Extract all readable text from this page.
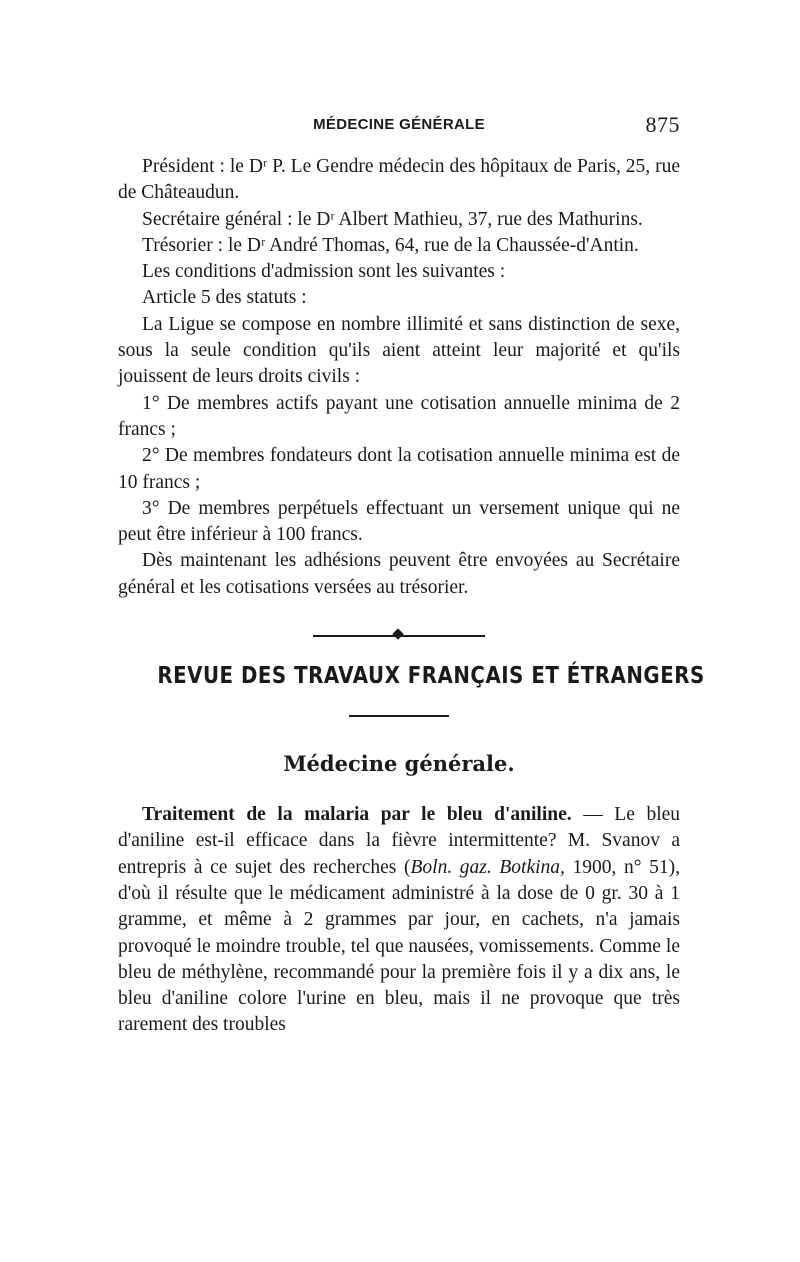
MÉDECINE GÉNÉRALE	875

Président : le Dʳ P. Le Gendre médecin des hôpitaux de Paris, 25, rue de Châteaudun.

Secrétaire général : le Dʳ Albert Mathieu, 37, rue des Mathurins.

Trésorier : le Dʳ André Thomas, 64, rue de la Chaussée-d'Antin.

Les conditions d'admission sont les suivantes :

Article 5 des statuts :

La Ligue se compose en nombre illimité et sans distinction de sexe, sous la seule condition qu'ils aient atteint leur majorité et qu'ils jouissent de leurs droits civils :

1° De membres actifs payant une cotisation annuelle minima de 2 francs ;

2° De membres fondateurs dont la cotisation annuelle minima est de 10 francs ;

3° De membres perpétuels effectuant un versement unique qui ne peut être inférieur à 100 francs.

Dès maintenant les adhésions peuvent être envoyées au Secrétaire général et les cotisations versées au trésorier.

REVUE DES TRAVAUX FRANÇAIS ET ÉTRANGERS
Médecine générale.

Traitement de la malaria par le bleu d'aniline. — Le bleu d'aniline est-il efficace dans la fièvre intermittente? M. Svanov a entrepris à ce sujet des recherches (Boln. gaz. Botkina, 1900, n° 51), d'où il résulte que le médicament administré à la dose de 0 gr. 30 à 1 gramme, et même à 2 grammes par jour, en cachets, n'a jamais provoqué le moindre trouble, tel que nausées, vomissements. Comme le bleu de méthylène, recommandé pour la première fois il y a dix ans, le bleu d'aniline colore l'urine en bleu, mais il ne provoque que très rarement des troubles
